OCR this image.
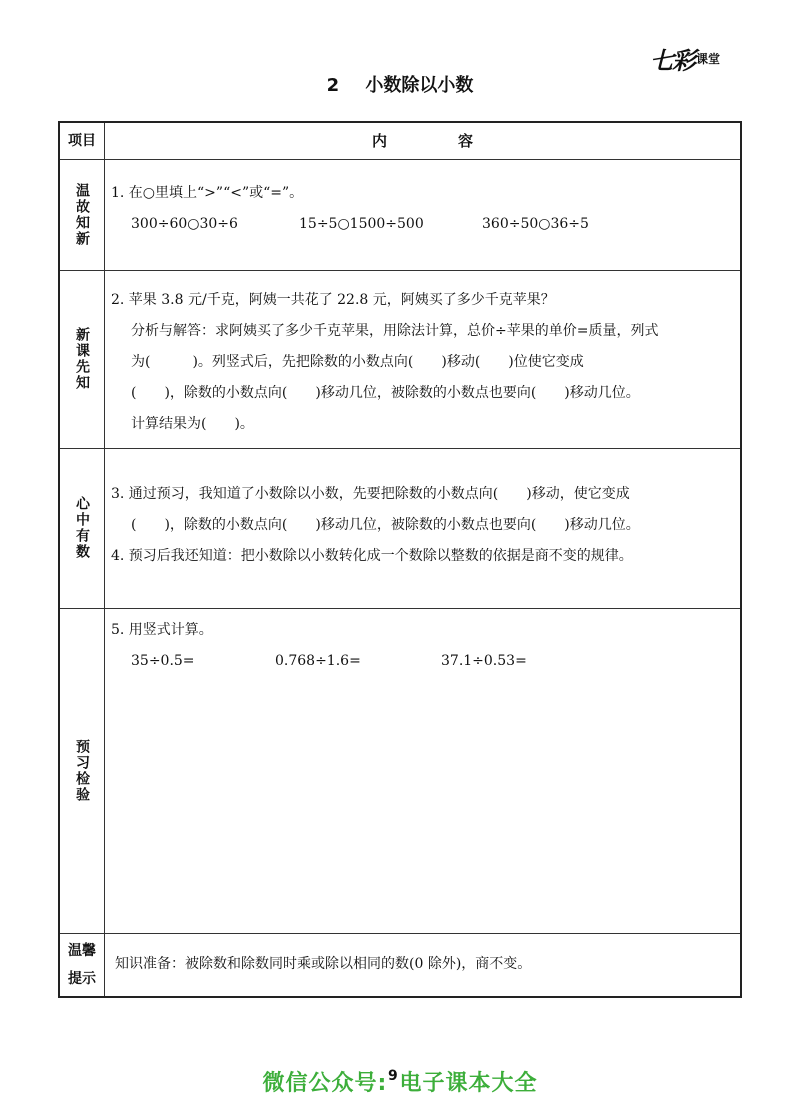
七彩 课堂
2 小数除以小数
项目	内　容

温故知新	1. 在○里填上“>”“<”或“=”。

300÷60○30÷6 15÷5○1500÷500 360÷50○36÷5

新课先知	2. 苹果 3.8 元/千克，阿姨一共花了 22.8 元，阿姨买了多少千克苹果？

分析与解答：求阿姨买了多少千克苹果，用除法计算，总价÷苹果的单价=质量，列式

为(　　　)。列竖式后，先把除数的小数点向(　　)移动(　　)位使它变成

(　　)，除数的小数点向(　　)移动几位，被除数的小数点也要向(　　)移动几位。

计算结果为(　　)。

心中有数	3. 通过预习，我知道了小数除以小数，先要把除数的小数点向(　　)移动，使它变成

(　　)，除数的小数点向(　　)移动几位，被除数的小数点也要向(　　)移动几位。

4. 预习后我还知道：把小数除以小数转化成一个数除以整数的依据是商不变的规律。

预习检验	5. 用竖式计算。

35÷0.5= 0.768÷1.6= 37.1÷0.53=

温馨
提示	知识准备：被除数和除数同时乘或除以相同的数(0 除外)，商不变。

微信公众号: $^9$ 电子课本大全
